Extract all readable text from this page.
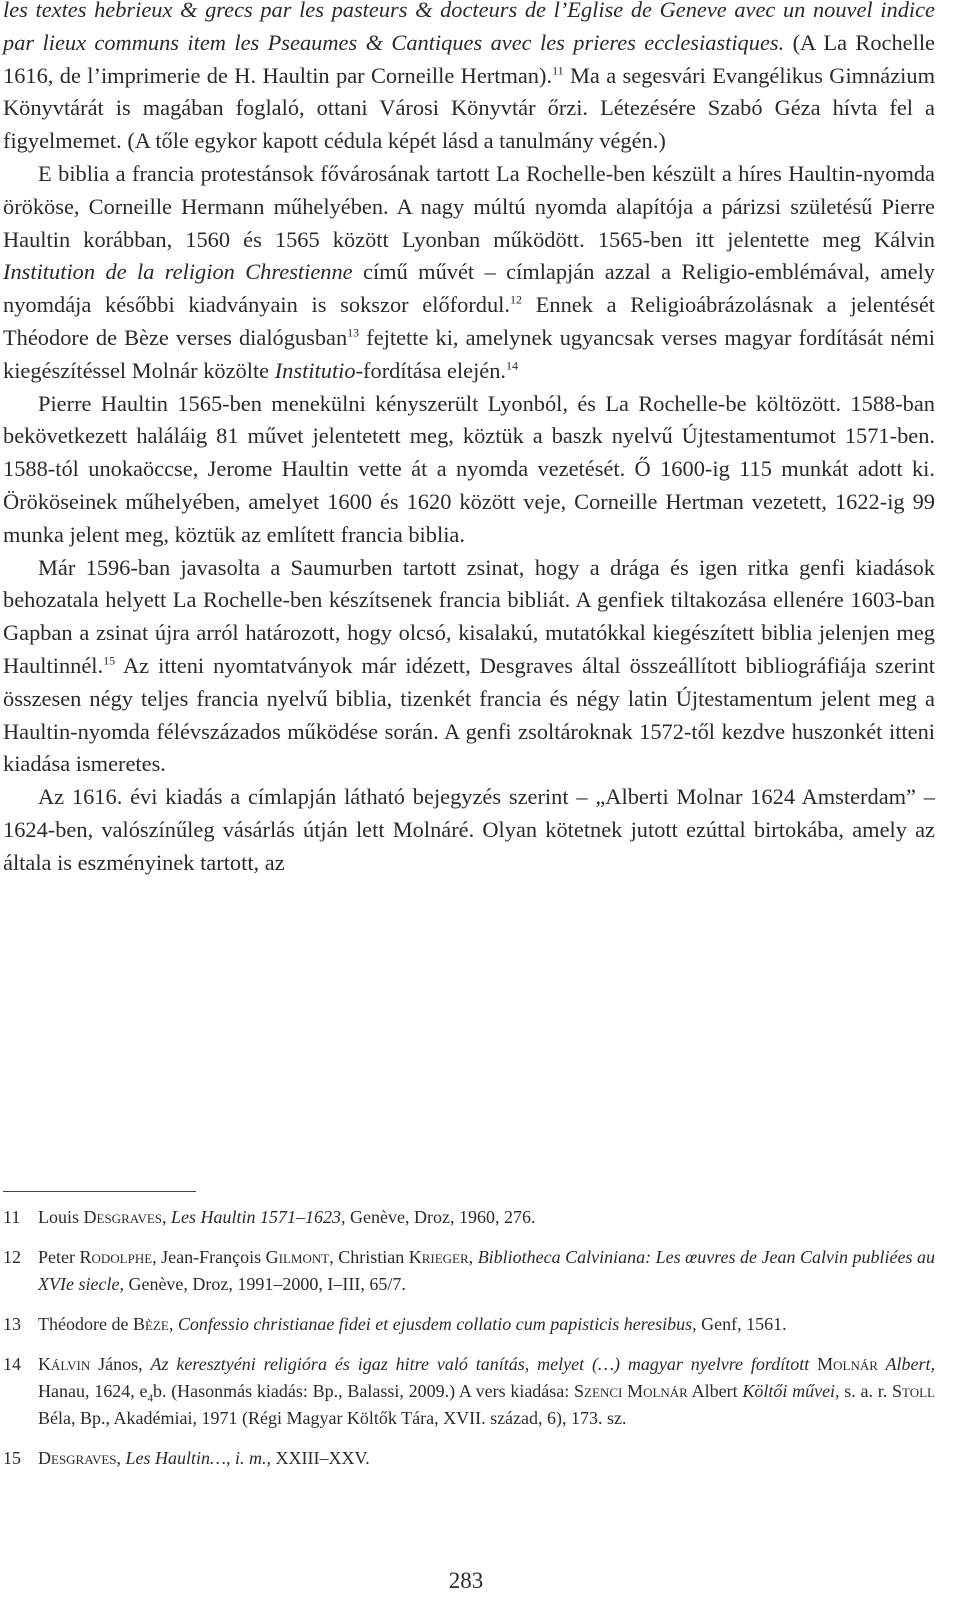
les textes hebrieux & grecs par les pasteurs & docteurs de l’Eglise de Geneve avec un nouvel indice par lieux communs item les Pseaumes & Cantiques avec les prieres ecclesiastiques. (A La Rochelle 1616, de l’imprimerie de H. Haultin par Corneille Hertman).$^{11}$ Ma a segesvári Evangélikus Gimnázium Könyvtárát is magában foglaló, ottani Városi Könyvtár őrzi. Létezésére Szabó Géza hívta fel a figyelmemet. (A tőle egykor kapott cédula képét lásd a tanulmány végén.)

E biblia a francia protestánsok fővárosának tartott La Rochelle-ben készült a híres Haultin-nyomda örököse, Corneille Hermann műhelyében. A nagy múltú nyomda alapítója a párizsi születésű Pierre Haultin korábban, 1560 és 1565 között Lyonban működött. 1565-ben itt jelentette meg Kálvin Institution de la religion Chrestienne című művét – címlapján azzal a Religio-emblémával, amely nyomdája későbbi kiadványain is sokszor előfordul.$^{12}$ Ennek a Religioábrázolásnak a jelentését Théodore de Bèze verses dialógusban$^{13}$ fejtette ki, amelynek ugyancsak verses magyar fordítását némi kiegészítéssel Molnár közölte Institutio-fordítása elején.$^{14}$

Pierre Haultin 1565-ben menekülni kényszerült Lyonból, és La Rochelle-be költözött. 1588-ban bekövetkezett haláláig 81 művet jelentetett meg, köztük a baszk nyelvű Újtestamentumot 1571-ben. 1588-tól unokaöccse, Jerome Haultin vette át a nyomda vezetését. Ő 1600-ig 115 munkát adott ki. Örököseinek műhelyében, amelyet 1600 és 1620 között veje, Corneille Hertman vezetett, 1622-ig 99 munka jelent meg, köztük az említett francia biblia.

Már 1596-ban javasolta a Saumurben tartott zsinat, hogy a drága és igen ritka genfi kiadások behozatala helyett La Rochelle-ben készítsenek francia bibliát. A genfiek tiltakozása ellenére 1603-ban Gapban a zsinat újra arról határozott, hogy olcsó, kisalakú, mutatókkal kiegészített biblia jelenjen meg Haultinnél.$^{15}$ Az itteni nyomtatványok már idézett, Desgraves által összeállított bibliográfiája szerint összesen négy teljes francia nyelvű biblia, tizenkét francia és négy latin Újtestamentum jelent meg a Haultin-nyomda félévszázados működése során. A genfi zsoltároknak 1572-től kezdve huszonkét itteni kiadása ismeretes.

Az 1616. évi kiadás a címlapján látható bejegyzés szerint – „Alberti Molnar 1624 Amsterdam” – 1624-ben, valószínűleg vásárlás útján lett Molnáré. Olyan kötetnek jutott ezúttal birtokába, amely az általa is eszményinek tartott, az

11 Louis Desgraves, Les Haultin 1571–1623, Genève, Droz, 1960, 276.
12 Peter Rodolphe, Jean-François Gilmont, Christian Krieger, Bibliotheca Calviniana: Les œuvres de Jean Calvin publiées au XVIe siecle, Genève, Droz, 1991–2000, I–III, 65/7.
13 Théodore de Bèze, Confessio christianae fidei et ejusdem collatio cum papisticis heresibus, Genf, 1561.
14 Kálvin János, Az keresztyéni religióra és igaz hitre való tanítás, melyet (…) magyar nyelvre fordított Molnár Albert, Hanau, 1624, $e_4b$. (Hasonmás kiadás: Bp., Balassi, 2009.) A vers kiadása: Szenci Molnár Albert Költői művei, s. a. r. Stoll Béla, Bp., Akadémiai, 1971 (Régi Magyar Költők Tára, XVII. század, 6), 173. sz.
15 Desgraves, Les Haultin…, i. m., XXIII–XXV.
283
